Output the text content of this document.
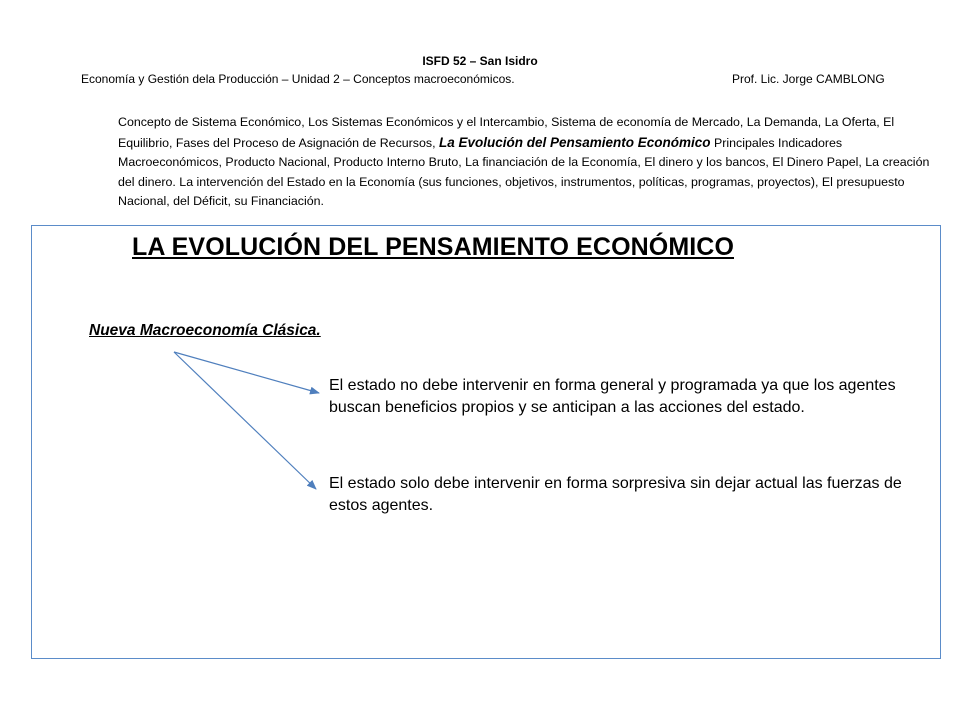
ISFD 52 – San Isidro
Economía y Gestión dela Producción – Unidad 2 – Conceptos macroeconómicos.	Prof. Lic. Jorge CAMBLONG
Concepto de Sistema Económico, Los Sistemas Económicos y el Intercambio, Sistema de economía de Mercado, La Demanda, La Oferta, El Equilibrio, Fases del Proceso de Asignación de Recursos, La Evolución del Pensamiento Económico Principales Indicadores Macroeconómicos, Producto Nacional, Producto Interno Bruto, La financiación de la Economía, El dinero y los bancos, El Dinero Papel, La creación del dinero. La intervención del Estado en la Economía (sus funciones, objetivos, instrumentos, políticas, programas, proyectos), El presupuesto Nacional, del Déficit, su Financiación.
LA EVOLUCIÓN DEL PENSAMIENTO ECONÓMICO
Nueva Macroeconomía Clásica.
El estado no debe intervenir en forma general y programada ya que los agentes buscan beneficios propios y se anticipan a las acciones del estado.
El estado solo debe intervenir en forma sorpresiva sin dejar actual las fuerzas de estos agentes.
